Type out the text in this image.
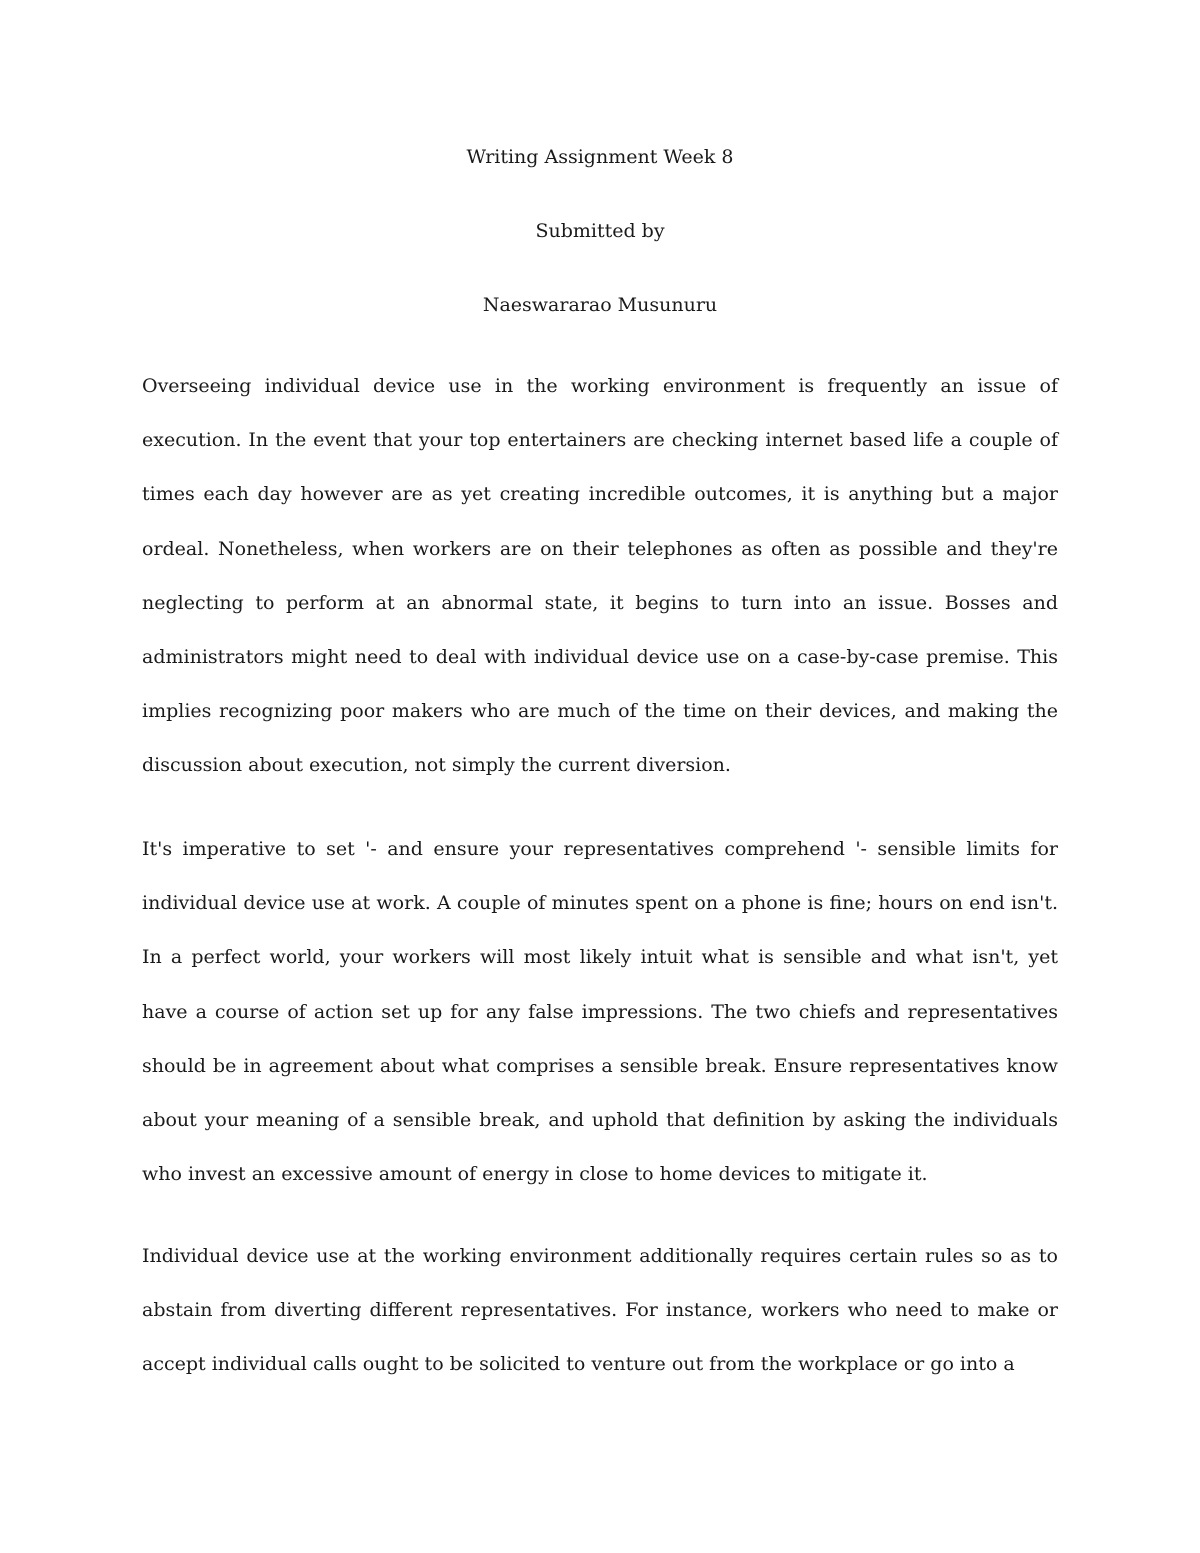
Writing Assignment Week 8
Submitted by
Naeswararao Musunuru

Overseeing individual device use in the working environment is frequently an issue of execution. In the event that your top entertainers are checking internet based life a couple of times each day however are as yet creating incredible outcomes, it is anything but a major ordeal. Nonetheless, when workers are on their telephones as often as possible and they're neglecting to perform at an abnormal state, it begins to turn into an issue. Bosses and administrators might need to deal with individual device use on a case-by-case premise. This implies recognizing poor makers who are much of the time on their devices, and making the discussion about execution, not simply the current diversion.

It's imperative to set '- and ensure your representatives comprehend '- sensible limits for individual device use at work. A couple of minutes spent on a phone is fine; hours on end isn't. In a perfect world, your workers will most likely intuit what is sensible and what isn't, yet have a course of action set up for any false impressions. The two chiefs and representatives should be in agreement about what comprises a sensible break. Ensure representatives know about your meaning of a sensible break, and uphold that definition by asking the individuals who invest an excessive amount of energy in close to home devices to mitigate it.

Individual device use at the working environment additionally requires certain rules so as to abstain from diverting different representatives. For instance, workers who need to make or accept individual calls ought to be solicited to venture out from the workplace or go into a
